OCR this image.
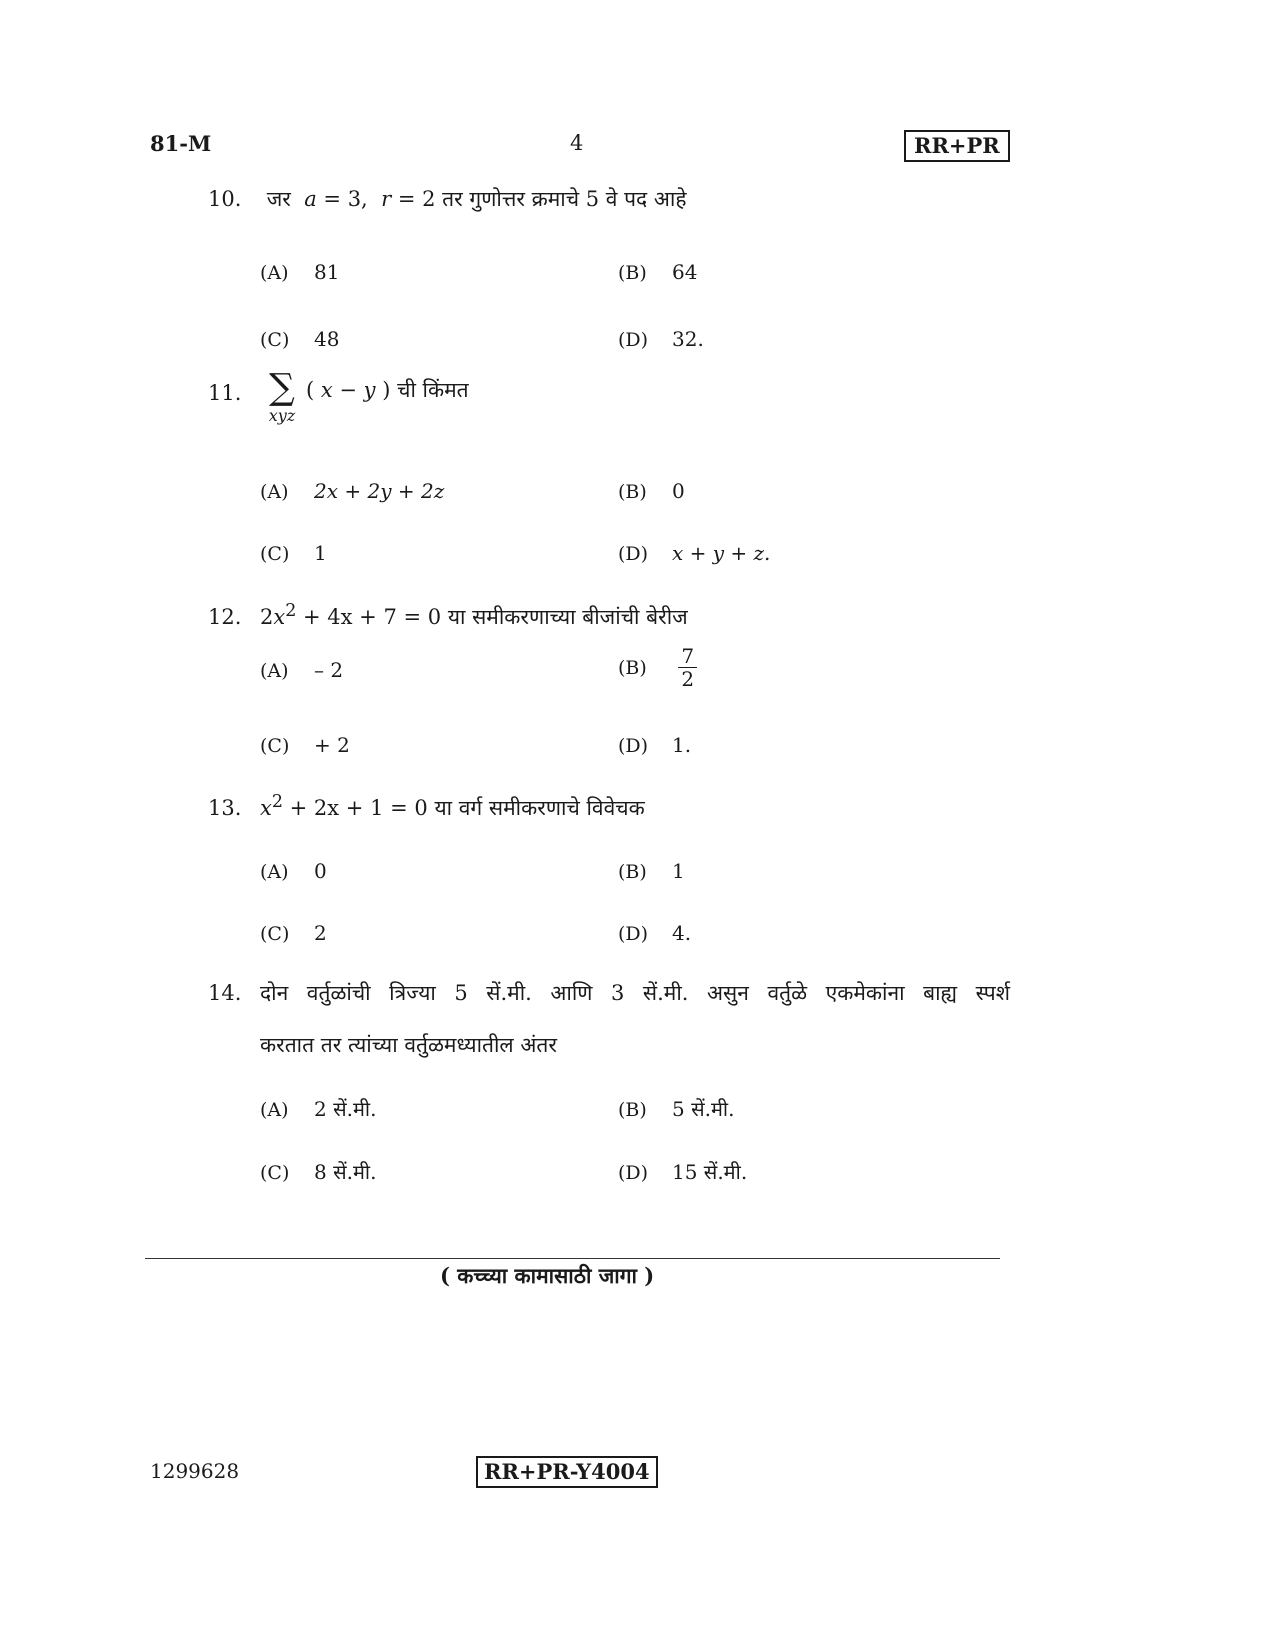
81-M	4	RR+PR
10. जर a = 3, r = 2 तर गुणोत्तर क्रमाचे 5 वे पद आहे
(A) 81	(B) 64
(C) 48	(D) 32.
11. ∑
xyz
( x − y ) ची किंमत
(A) 2x + 2y + 2z	(B) 0
(C) 1	(D) x + y + z.
12. $2x^2 + 4x + 7 = 0$ या समीकरणाच्या बीजांची बेरीज
(A) – 2	$(B) \frac{7}{2}$
(C) + 2	(D) 1.
13. $x^2 + 2x + 1 = 0$ या वर्ग समीकरणाचे विवेचक
(A) 0	(B) 1
(C) 2	(D) 4.
14. दोन वर्तुळांची त्रिज्या 5 सें.मी. आणि 3 सें.मी. असुन वर्तुळे एकमेकांना बाह्य स्पर्श
करतात तर त्यांच्या वर्तुळमध्यातील अंतर
(A) 2 सें.मी.	(B) 5 सें.मी.
(C) 8 सें.मी.	(D) 15 सें.मी.
( कच्च्या कामासाठी जागा )
1299628	RR+PR-Y4004
